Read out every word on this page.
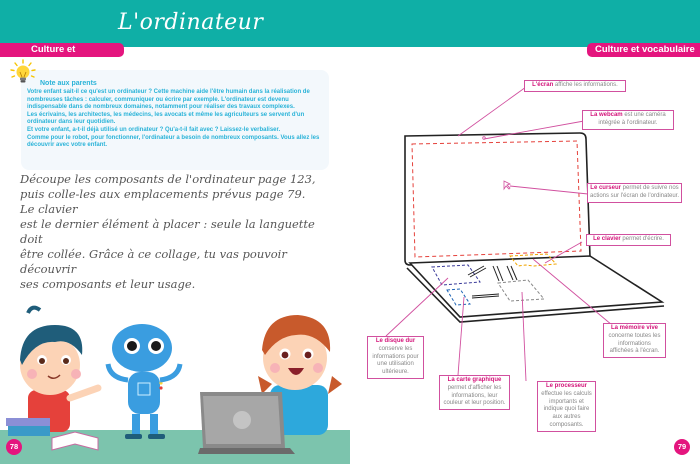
L'ordinateur
Culture et vocabulaire
Note aux parents

Votre enfant sait-il ce qu'est un ordinateur ? Cette machine aide l'être humain dans la réalisation de nombreuses tâches : calculer, communiquer ou écrire par exemple. L'ordinateur est devenu indispensable dans de nombreux domaines, notamment pour réaliser des travaux complexes.

Les écrivains, les architectes, les médecins, les avocats et même les agriculteurs se servent d'un ordinateur dans leur quotidien.

Et votre enfant, a-t-il déjà utilisé un ordinateur ? Qu'a-t-il fait avec ? Laissez-le verbaliser.

Comme pour le robot, pour fonctionner, l'ordinateur a besoin de nombreux composants. Vous allez les découvrir avec votre enfant.

Découpe les composants de l'ordinateur page 123,
puis colle-les aux emplacements prévus page 79. Le clavier
est le dernier élément à placer : seule la languette doit
être collée. Grâce à ce collage, tu vas pouvoir découvrir
ses composants et leur usage.
78
Culture et vocabulaire
L'écran affiche les informations.
La webcam est une caméra intégrée à l'ordinateur.
Le curseur permet de suivre nos actions sur l'écran de l'ordinateur.
Le clavier permet d'écrire.
Le disque dur
conserve les informations pour une utilisation ultérieure.
La carte graphique
permet d'afficher les informations, leur couleur et leur position.
Le processeur
effectue les calculs importants et indique quoi faire aux autres composants.
La mémoire vive
concerne toutes les informations affichées à l'écran.
79
